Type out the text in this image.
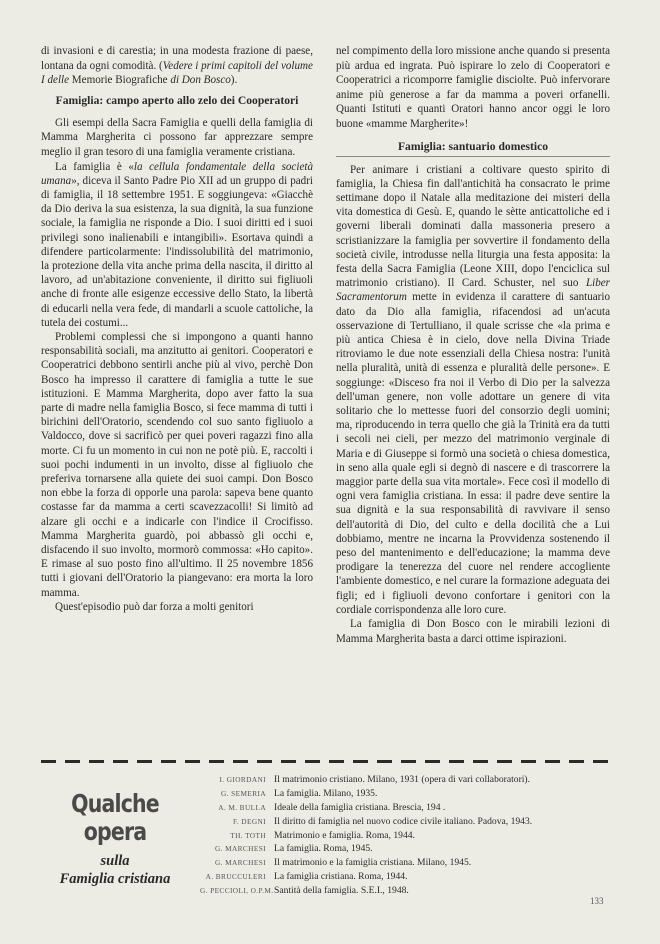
di invasioni e di carestia; in una modesta frazione di paese, lontana da ogni comodità. (Vedere i primi capitoli del volume I delle Memorie Biografiche di Don Bosco).

Famiglia: campo aperto allo zelo dei Cooperatori

Gli esempi della Sacra Famiglia e quelli della famiglia di Mamma Margherita ci possono far apprezzare sempre meglio il gran tesoro di una famiglia veramente cristiana.

La famiglia è «la cellula fondamentale della società umana», diceva il Santo Padre Pio XII ad un gruppo di padri di famiglia, il 18 settembre 1951. E soggiungeva: «Giacchè da Dio deriva la sua esistenza, la sua dignità, la sua funzione sociale, la famiglia ne risponde a Dio. I suoi diritti ed i suoi privilegi sono inalienabili e intangibili». Esortava quindi a difendere particolarmente: l'indissolubilità del matrimonio, la protezione della vita anche prima della nascita, il diritto al lavoro, ad un'abitazione conveniente, il diritto sui figliuoli anche di fronte alle esigenze eccessive dello Stato, la libertà di educarli nella vera fede, di mandarli a scuole cattoliche, la tutela dei costumi...

Problemi complessi che si impongono a quanti hanno responsabilità sociali, ma anzitutto ai genitori. Cooperatori e Cooperatrici debbono sentirli anche più al vivo, perchè Don Bosco ha impresso il carattere di famiglia a tutte le sue istituzioni. E Mamma Margherita, dopo aver fatto la sua parte di madre nella famiglia Bosco, si fece mamma di tutti i birichini dell'Oratorio, scendendo col suo santo figliuolo a Valdocco, dove si sacrificò per quei poveri ragazzi fino alla morte. Ci fu un momento in cui non ne potè più. E, raccolti i suoi pochi indumenti in un involto, disse al figliuolo che preferiva tornarsene alla quiete dei suoi campi. Don Bosco non ebbe la forza di opporle una parola: sapeva bene quanto costasse far da mamma a certi scavezzacolli! Si limitò ad alzare gli occhi e a indicarle con l'indice il Crocifisso. Mamma Margherita guardò, poi abbassò gli occhi e, disfacendo il suo involto, mormorò commossa: «Ho capito». E rimase al suo posto fino all'ultimo. Il 25 novembre 1856 tutti i giovani dell'Oratorio la piangevano: era morta la loro mamma.

Quest'episodio può dar forza a molti genitori

nel compimento della loro missione anche quando si presenta più ardua ed ingrata. Può ispirare lo zelo di Cooperatori e Cooperatrici a ricomporre famiglie disciolte. Può infervorare anime più generose a far da mamma a poveri orfanelli. Quanti Istituti e quanti Oratori hanno ancor oggi le loro buone «mamme Margherite»!

Famiglia: santuario domestico

Per animare i cristiani a coltivare questo spirito di famiglia, la Chiesa fin dall'antichità ha consacrato le prime settimane dopo il Natale alla meditazione dei misteri della vita domestica di Gesù. E, quando le sètte anticattoliche ed i governi liberali dominati dalla massoneria presero a scristianizzare la famiglia per sovvertire il fondamento della società civile, introdusse nella liturgia una festa apposita: la festa della Sacra Famiglia (Leone XIII, dopo l'enciclica sul matrimonio cristiano). Il Card. Schuster, nel suo Liber Sacramentorum mette in evidenza il carattere di santuario dato da Dio alla famiglia, rifacendosi ad un'acuta osservazione di Tertulliano, il quale scrisse che «la prima e più antica Chiesa è in cielo, dove nella Divina Triade ritroviamo le due note essenziali della Chiesa nostra: l'unità nella pluralità, unità di essenza e pluralità delle persone». E soggiunge: «Disceso fra noi il Verbo di Dio per la salvezza dell'uman genere, non volle adottare un genere di vita solitario che lo mettesse fuori del consorzio degli uomini; ma, riproducendo in terra quello che già la Trinità era da tutti i secoli nei cieli, per mezzo del matrimonio verginale di Maria e di Giuseppe si formò una società o chiesa domestica, in seno alla quale egli si degnò di nascere e di trascorrere la maggior parte della sua vita mortale». Fece così il modello di ogni vera famiglia cristiana. In essa: il padre deve sentire la sua dignità e la sua responsabilità di ravvivare il senso dell'autorità di Dio, del culto e della docilità che a Lui dobbiamo, mentre ne incarna la Provvidenza sostenendo il peso del mantenimento e dell'educazione; la mamma deve prodigare la tenerezza del cuore nel rendere accogliente l'ambiente domestico, e nel curare la formazione adeguata dei figli; ed i figliuoli devono confortare i genitori con la cordiale corrispondenza alle loro cure.

La famiglia di Don Bosco con le mirabili lezioni di Mamma Margherita basta a darci ottime ispirazioni.

Qualche opera
sulla
Famiglia cristiana
I. GIORDANI Il matrimonio cristiano. Milano, 1931 (opera di vari collaboratori).
G. SEMERIA La famiglia. Milano, 1935.
A. M. BULLA Ideale della famiglia cristiana. Brescia, 194 .
F. DEGNI Il diritto di famiglia nel nuovo codice civile italiano. Padova, 1943.
TH. TOTH Matrimonio e famiglia. Roma, 1944.
G. MARCHESI La famiglia. Roma, 1945.
G. MARCHESI Il matrimonio e la famiglia cristiana. Milano, 1945.
A. BRUCCULERI La famiglia cristiana. Roma, 1944.
G. PECCIOLI, O.P.M. Santità della famiglia. S.E.I., 1948.
133
